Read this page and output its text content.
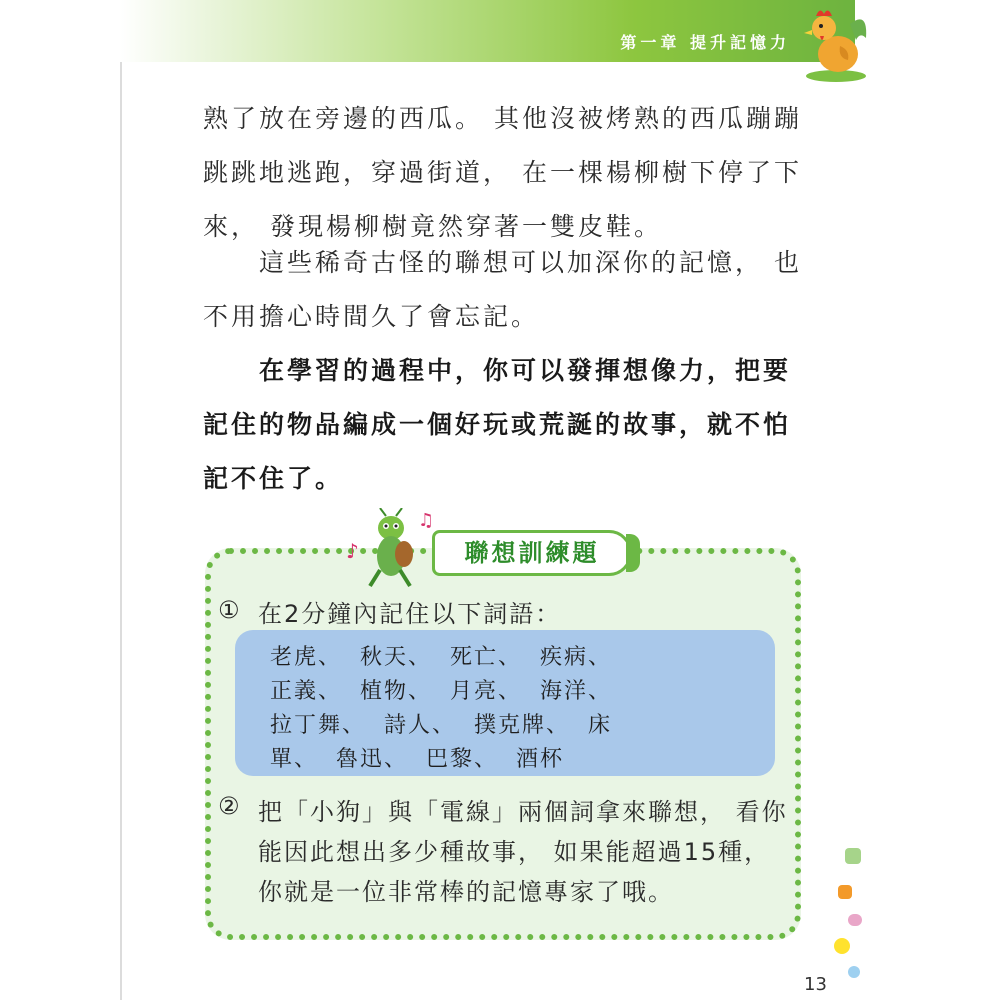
第一章 提升記憶力
熟了放在旁邊的西瓜。 其他沒被烤熟的西瓜蹦蹦跳跳地逃跑，穿過街道， 在一棵楊柳樹下停了下來， 發現楊柳樹竟然穿著一雙皮鞋。
這些稀奇古怪的聯想可以加深你的記憶， 也不用擔心時間久了會忘記。
在學習的過程中，你可以發揮想像力，把要記住的物品編成一個好玩或荒誕的故事，就不怕記不住了。
♪
♫
聯想訓練題
① 在2分鐘內記住以下詞語：
老虎、 秋天、 死亡、 疾病、
正義、 植物、 月亮、 海洋、
拉丁舞、 詩人、 撲克牌、 床
單、 魯迅、 巴黎、 酒杯
② 把「小狗」與「電線」兩個詞拿來聯想， 看你能因此想出多少種故事， 如果能超過15種， 你就是一位非常棒的記憶專家了哦。
13
